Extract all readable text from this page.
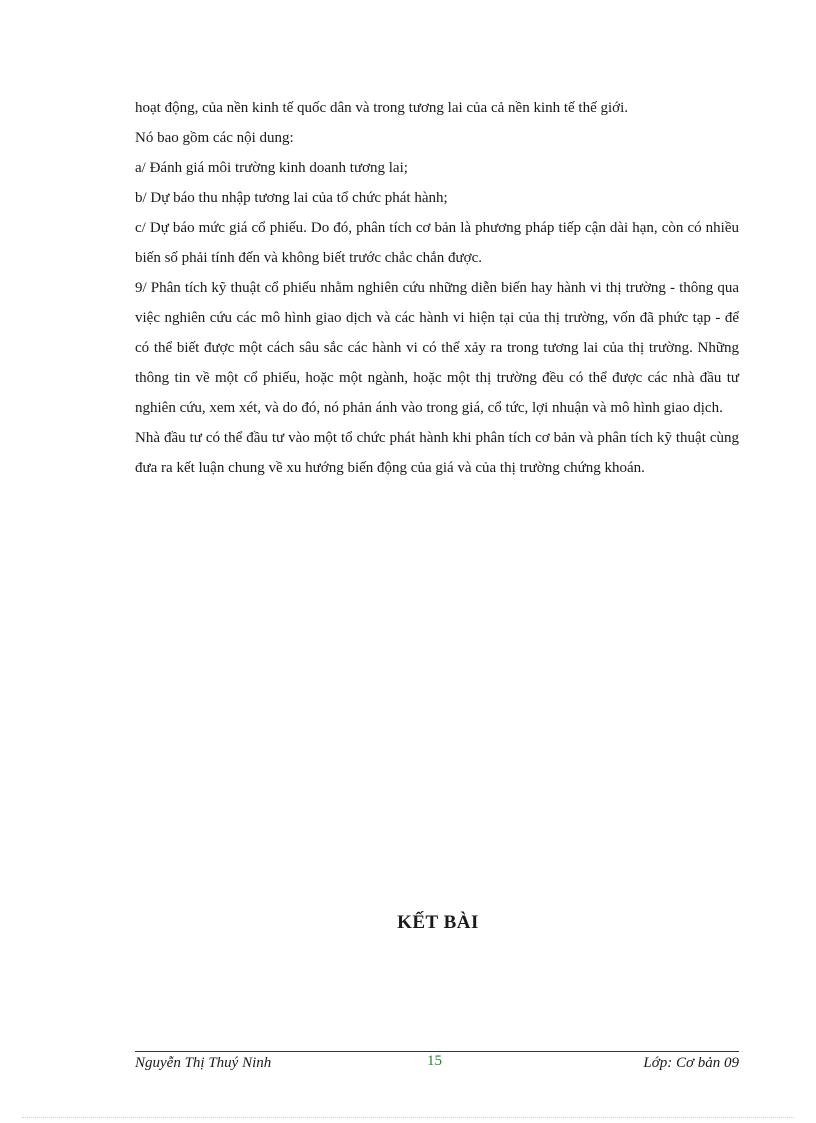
hoạt động, của nền kinh tế quốc dân và trong tương lai của cả nền kinh tế thế giới.

Nó bao gồm các nội dung:

a/ Đánh giá môi trường kinh doanh tương lai;

b/ Dự báo thu nhập tương lai của tổ chức phát hành;

c/ Dự báo mức giá cổ phiếu. Do đó, phân tích cơ bản là phương pháp tiếp cận dài hạn, còn có nhiều biến số phải tính đến và không biết trước chắc chắn được.

9/ Phân tích kỹ thuật cổ phiếu nhằm nghiên cứu những diễn biến hay hành vi thị trường - thông qua việc nghiên cứu các mô hình giao dịch và các hành vi hiện tại của thị trường, vốn đã phức tạp - để có thể biết được một cách sâu sắc các hành vi có thể xảy ra trong tương lai của thị trường. Những thông tin về một cổ phiếu, hoặc một ngành, hoặc một thị trường đều có thể được các nhà đầu tư nghiên cứu, xem xét, và do đó, nó phản ánh vào trong giá, cổ tức, lợi nhuận và mô hình giao dịch.

Nhà đầu tư có thể đầu tư vào một tổ chức phát hành khi phân tích cơ bản và phân tích kỹ thuật cùng đưa ra kết luận chung về xu hướng biến động của giá và của thị trường chứng khoán.

KẾT BÀI
Nguyễn Thị Thuý Ninh	15	Lớp: Cơ bản 09
